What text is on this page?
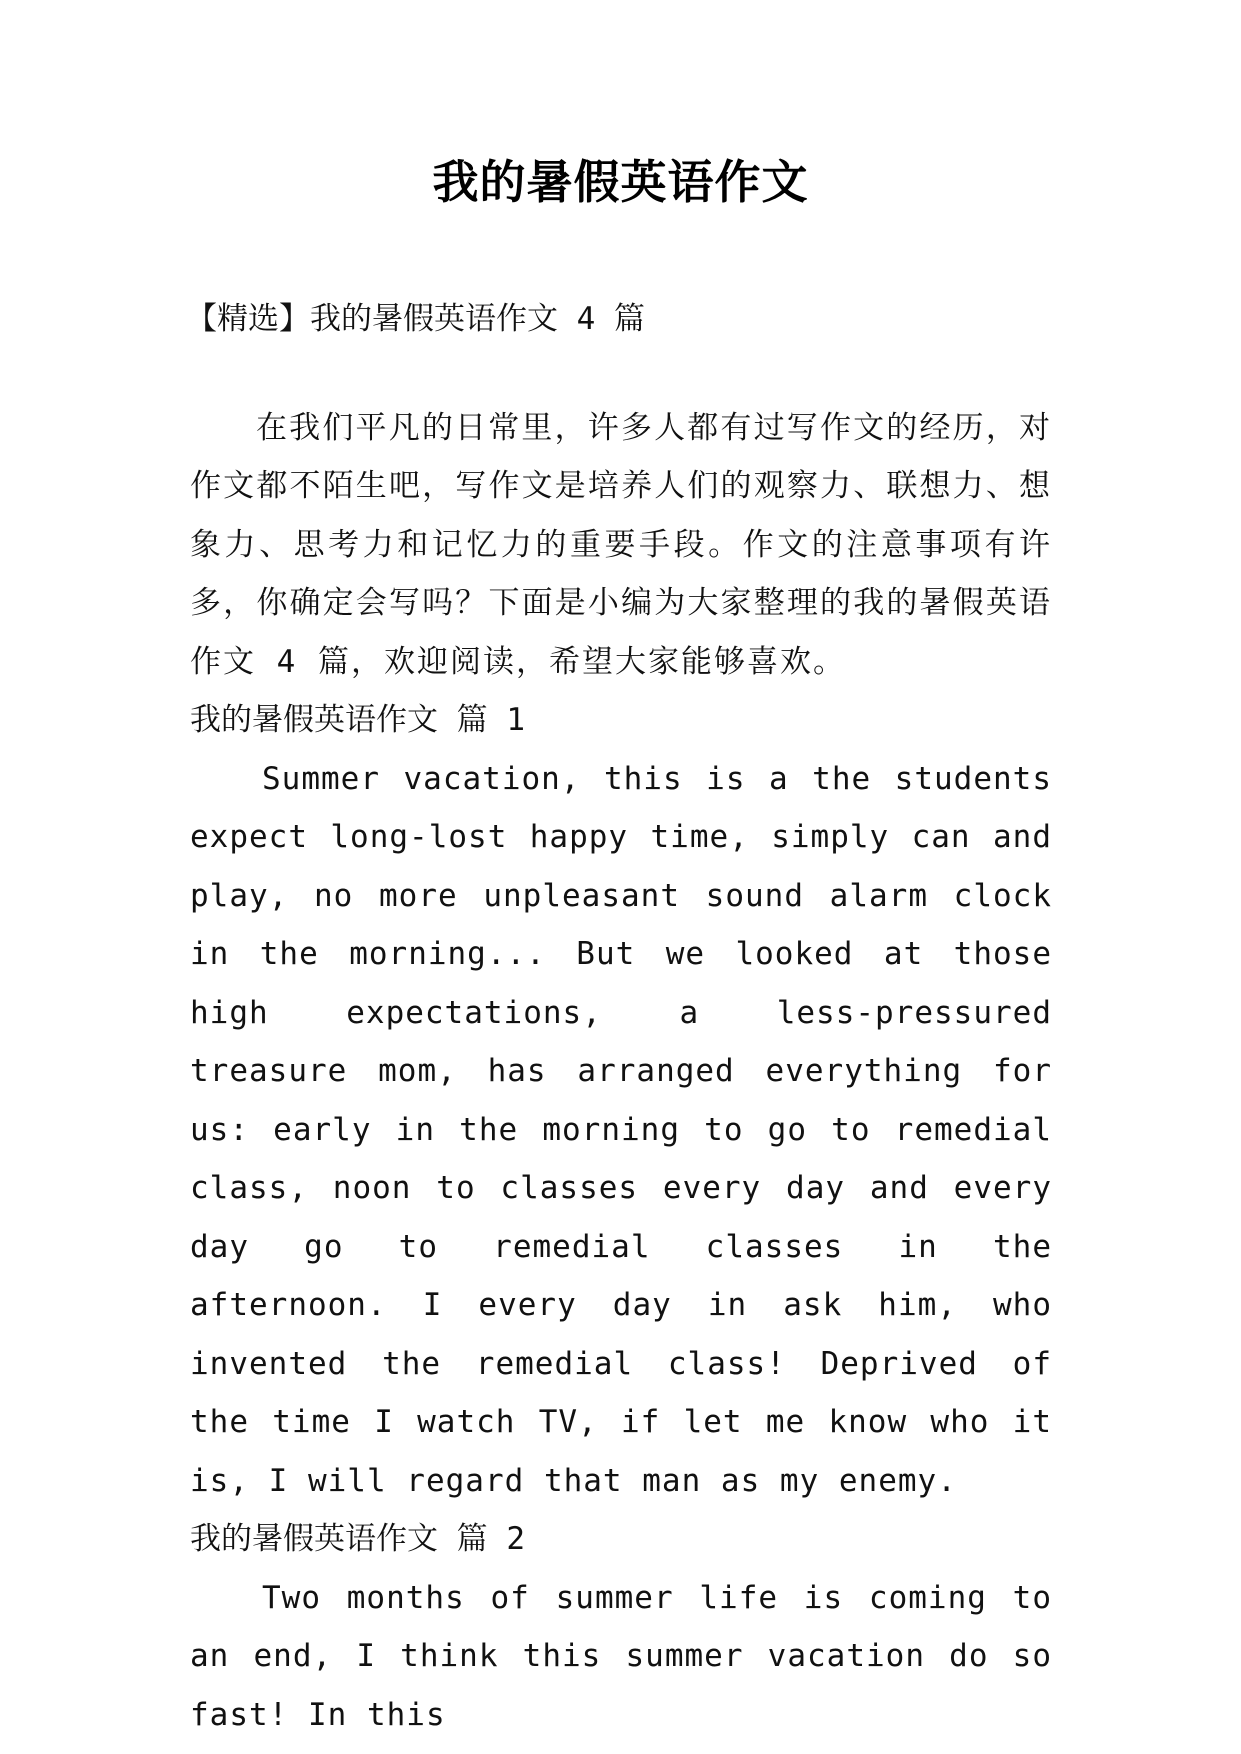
我的暑假英语作文

【精选】我的暑假英语作文 4 篇

在我们平凡的日常里，许多人都有过写作文的经历，对作文都不陌生吧，写作文是培养人们的观察力、联想力、想象力、思考力和记忆力的重要手段。作文的注意事项有许多，你确定会写吗？下面是小编为大家整理的我的暑假英语作文 4 篇，欢迎阅读，希望大家能够喜欢。

我的暑假英语作文 篇 1

Summer vacation, this is a the students expect long-lost happy time, simply can and play, no more unpleasant sound alarm clock in the morning... But we looked at those high expectations, a less-pressured treasure mom, has arranged everything for us: early in the morning to go to remedial class, noon to classes every day and every day go to remedial classes in the afternoon. I every day in ask him, who invented the remedial class! Deprived of the time I watch TV, if let me know who it is, I will regard that man as my enemy.

我的暑假英语作文 篇 2

Two months of summer life is coming to an end, I think this summer vacation do so fast! In this
